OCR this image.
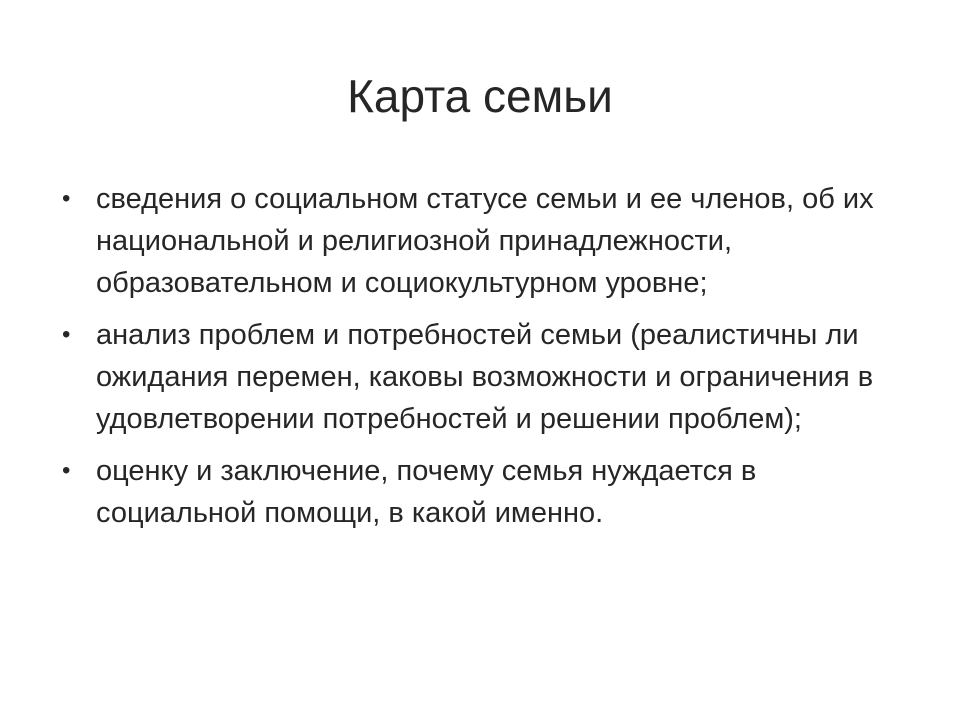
Карта семьи
• сведения о социальном статусе семьи и ее членов, об их национальной и религиозной принадлежности, образовательном и социокультурном уровне;
• анализ проблем и потребностей семьи (реалистичны ли ожидания перемен, каковы возможности и ограничения в удовлетворении потребностей и решении проблем);
• оценку и заключение, почему семья нуждается в социальной помощи, в какой именно.
